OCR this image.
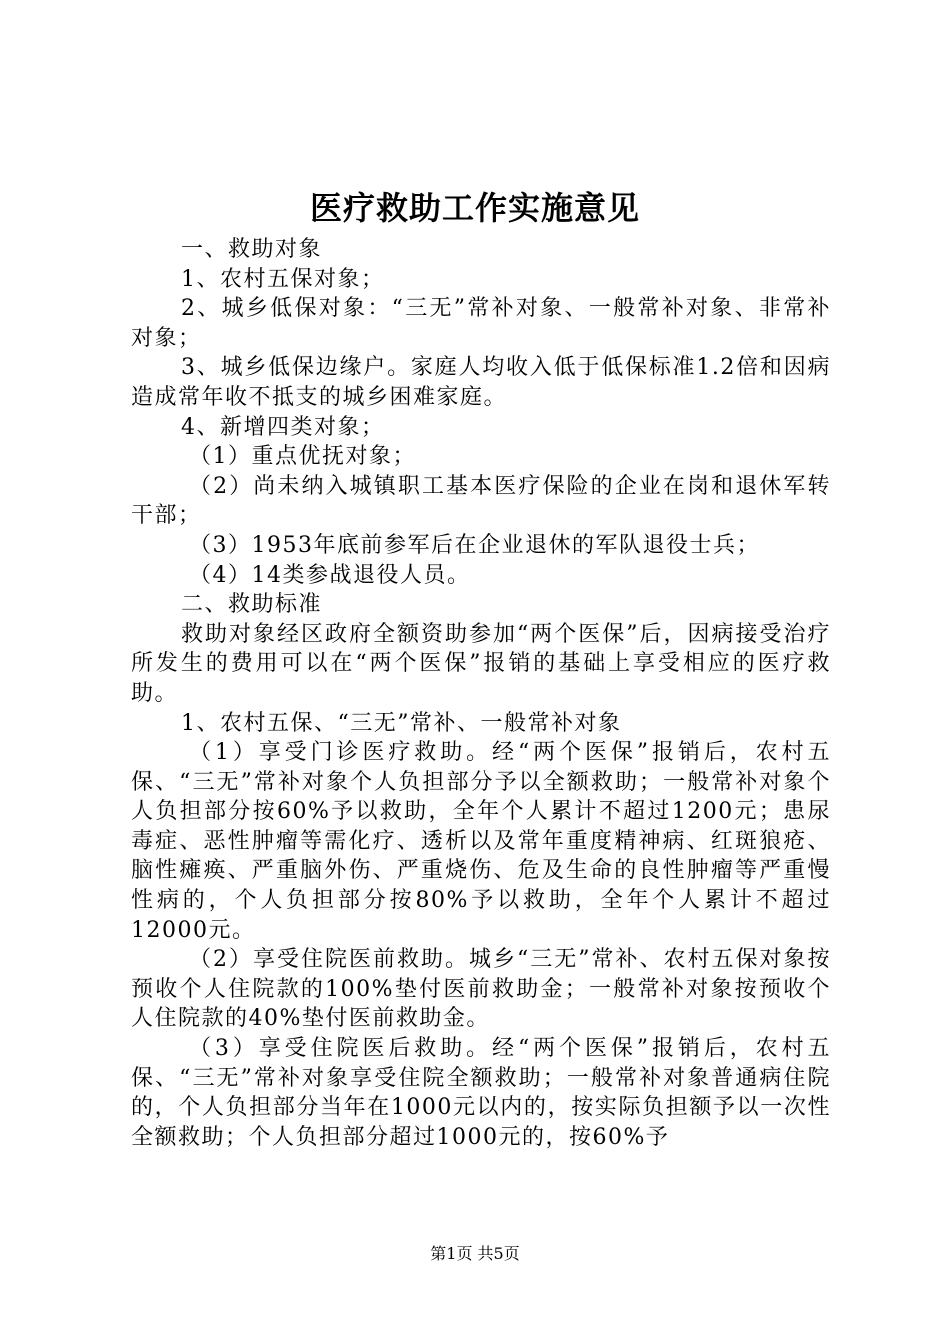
医疗救助工作实施意见

一、救助对象

1、农村五保对象；

2、城乡低保对象：“三无”常补对象、一般常补对象、非常补对象；

3、城乡低保边缘户。家庭人均收入低于低保标准1.2倍和因病造成常年收不抵支的城乡困难家庭。

4、新增四类对象；

（1）重点优抚对象；

（2）尚未纳入城镇职工基本医疗保险的企业在岗和退休军转干部；

（3）1953年底前参军后在企业退休的军队退役士兵；

（4）14类参战退役人员。

二、救助标准

救助对象经区政府全额资助参加“两个医保”后，因病接受治疗所发生的费用可以在“两个医保”报销的基础上享受相应的医疗救助。

1、农村五保、“三无”常补、一般常补对象

（1）享受门诊医疗救助。经“两个医保”报销后，农村五保、“三无”常补对象个人负担部分予以全额救助；一般常补对象个人负担部分按60%予以救助，全年个人累计不超过1200元；患尿毒症、恶性肿瘤等需化疗、透析以及常年重度精神病、红斑狼疮、脑性瘫痪、严重脑外伤、严重烧伤、危及生命的良性肿瘤等严重慢性病的，个人负担部分按80%予以救助，全年个人累计不超过12000元。

（2）享受住院医前救助。城乡“三无”常补、农村五保对象按预收个人住院款的100%垫付医前救助金；一般常补对象按预收个人住院款的40%垫付医前救助金。

（3）享受住院医后救助。经“两个医保”报销后，农村五保、“三无”常补对象享受住院全额救助；一般常补对象普通病住院的，个人负担部分当年在1000元以内的，按实际负担额予以一次性全额救助；个人负担部分超过1000元的，按60%予

第1页 共5页
